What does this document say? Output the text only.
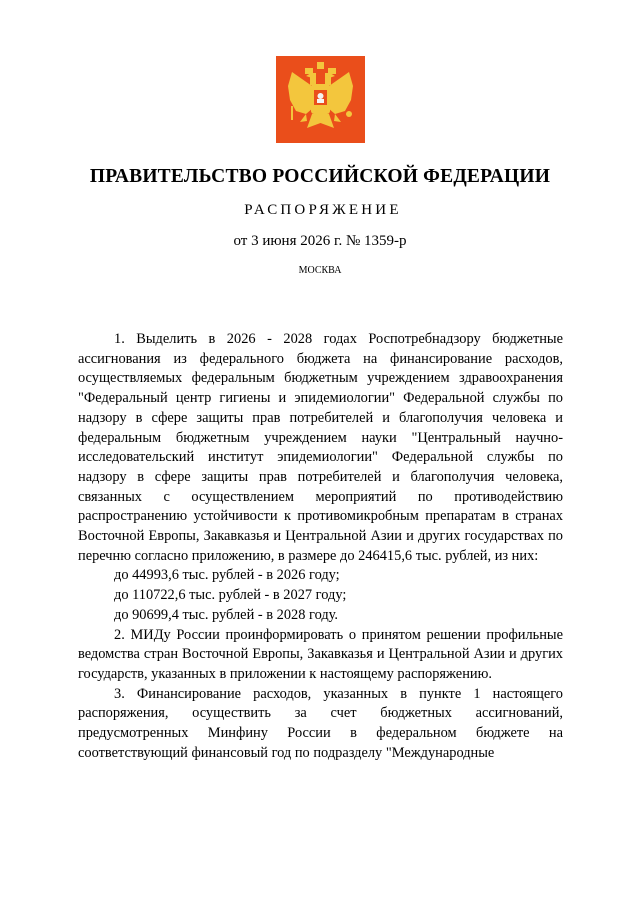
ПРАВИТЕЛЬСТВО РОССИЙСКОЙ ФЕДЕРАЦИИ
РАСПОРЯЖЕНИЕ
от 3 июня 2026 г. № 1359-р
МОСКВА

1. Выделить в 2026 - 2028 годах Роспотребнадзору бюджетные ассигнования из федерального бюджета на финансирование расходов, осуществляемых федеральным бюджетным учреждением здравоохранения "Федеральный центр гигиены и эпидемиологии" Федеральной службы по надзору в сфере защиты прав потребителей и благополучия человека и федеральным бюджетным учреждением науки "Центральный научно-исследовательский институт эпидемиологии" Федеральной службы по надзору в сфере защиты прав потребителей и благополучия человека, связанных с осуществлением мероприятий по противодействию распространению устойчивости к противомикробным препаратам в странах Восточной Европы, Закавказья и Центральной Азии и других государствах по перечню согласно приложению, в размере до 246415,6 тыс. рублей, из них:

до 44993,6 тыс. рублей - в 2026 году;

до 110722,6 тыс. рублей - в 2027 году;

до 90699,4 тыс. рублей - в 2028 году.

2. МИДу России проинформировать о принятом решении профильные ведомства стран Восточной Европы, Закавказья и Центральной Азии и других государств, указанных в приложении к настоящему распоряжению.

3. Финансирование расходов, указанных в пункте 1 настоящего распоряжения, осуществить за счет бюджетных ассигнований, предусмотренных Минфину России в федеральном бюджете на соответствующий финансовый год по подразделу "Международные
